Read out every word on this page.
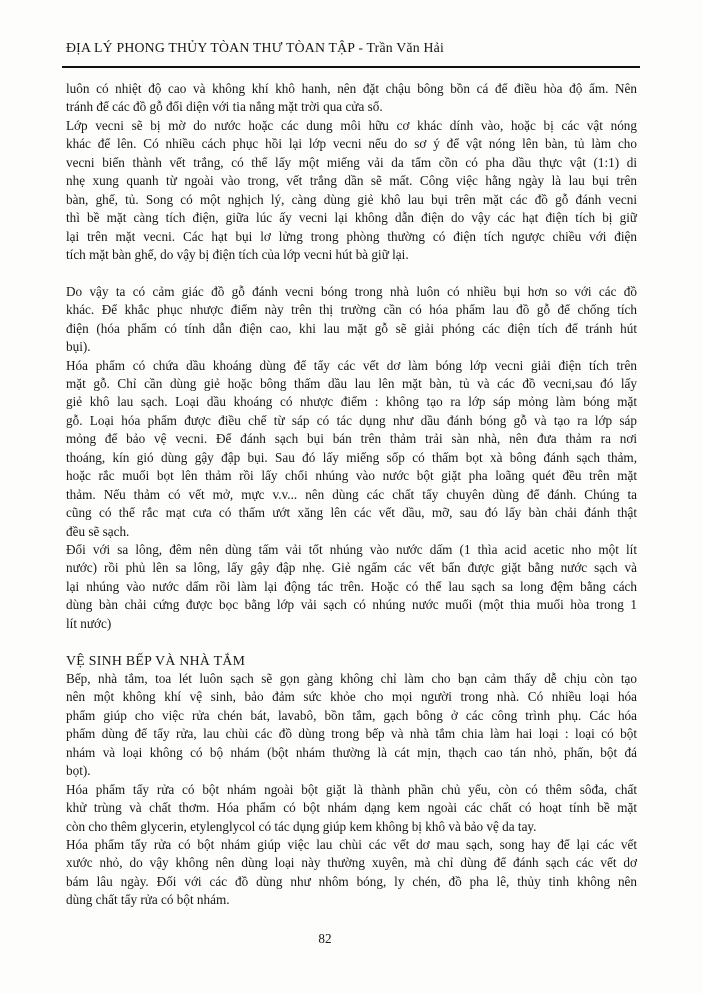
ĐỊA LÝ PHONG THỦY TÒAN THƯ TÒAN TẬP - Trần Văn Hải
luôn có nhiệt độ cao và không khí khô hanh, nên đặt chậu bông bồn cá để điều hòa độ ẩm. Nên
tránh để các đồ gỗ đối diện với tia nắng mặt trời qua cửa sổ.
Lớp vecni sẽ bị mờ do nước hoặc các dung môi hữu cơ khác dính vào, hoặc bị các vật nóng
khác để lên. Có nhiều cách phục hồi lại lớp vecni nếu do sơ ý để vật nóng lên bàn, tủ làm cho
vecni biến thành vết trắng, có thể lấy một miếng vải da tẩm cồn có pha dầu thực vật (1:1) di
nhẹ xung quanh từ ngoài vào trong, vết trắng dần sẽ mất. Công việc hằng ngày là lau bụi trên
bàn, ghế, tủ. Song có một nghịch lý, càng dùng giẻ khô lau bụi trên mặt các đồ gỗ đánh vecni
thì bề mặt càng tích điện, giữa lúc ấy vecni lại không dẫn điện do vậy các hạt điện tích bị giữ
lại trên mặt vecni. Các hạt bụi lơ lửng trong phòng thường có điện tích ngược chiều với điện
tích mặt bàn ghế, do vậy bị điện tích của lớp vecni hút bà giữ lại.
Do vậy ta có cảm giác đồ gỗ đánh vecni bóng trong nhà luôn có nhiều bụi hơn so với các đồ
khác. Để khắc phục nhược điểm này trên thị trường cần có hóa phẩm lau đồ gỗ để chống tích
điện (hóa phẩm có tính dẫn điện cao, khi lau mặt gỗ sẽ giải phóng các điện tích để tránh hút
bụi).
Hóa phẩm có chứa dầu khoáng dùng để tẩy các vết dơ làm bóng lớp vecni giải điện tích trên
mặt gỗ. Chỉ cần dùng giẻ hoặc bông thấm dầu lau lên mặt bàn, tủ và các đồ vecni,sau đó lấy
giẻ khô lau sạch. Loại dầu khoáng có nhược điểm : không tạo ra lớp sáp mỏng làm bóng mặt
gỗ. Loại hóa phẩm được điều chế từ sáp có tác dụng như dầu đánh bóng gỗ và tạo ra lớp sáp
mỏng để bảo vệ vecni. Để đánh sạch bụi bán trên thảm trải sàn nhà, nên đưa thảm ra nơi
thoáng, kín gió dùng gậy đập bụi. Sau đó lấy miếng sốp có thấm bọt xà bông đánh sạch thảm,
hoặc rắc muối bọt lên thảm rồi lấy chổi nhúng vào nước bột giặt pha loãng quét đều trên mặt
thảm. Nếu thảm có vết mở, mực v.v... nên dùng các chất tẩy chuyên dùng để đánh. Chúng ta
cũng có thể rắc mạt cưa có thấm ướt xăng lên các vết dầu, mỡ, sau đó lấy bàn chải đánh thật
đều sẽ sạch.
Đối với sa lông, đêm nên dùng tấm vải tốt nhúng vào nước dấm (1 thìa acid acetic nho một lít
nước) rồi phủ lên sa lông, lấy gậy đập nhẹ. Giẻ ngấm các vết bẩn được giặt bằng nước sạch và
lại nhúng vào nước dấm rồi làm lại động tác trên. Hoặc có thể lau sạch sa long đệm bằng cách
dùng bàn chải cứng được bọc bằng lớp vải sạch có nhúng nước muối (một thia muối hòa trong 1
lít nước)
VỆ SINH BẾP VÀ NHÀ TẮM
Bếp, nhà tắm, toa lét luôn sạch sẽ gọn gàng không chỉ làm cho bạn cảm thấy dễ chịu còn tạo
nên một không khí vệ sinh, bảo đảm sức khỏe cho mọi người trong nhà. Có nhiều loại hóa
phẩm giúp cho việc rửa chén bát, lavabô, bồn tắm, gạch bông ở các công trình phụ. Các hóa
phẩm dùng để tẩy rửa, lau chùi các đồ dùng trong bếp và nhà tắm chia làm hai loại : loại có bột
nhám và loại không có bộ nhám (bột nhám thường là cát mịn, thạch cao tán nhỏ, phấn, bột đá
bọt).
Hóa phẩm tẩy rửa có bột nhám ngoài bột giặt là thành phần chủ yếu, còn có thêm sôđa, chất
khử trùng và chất thơm. Hóa phẩm có bột nhám dạng kem ngoài các chất có hoạt tính bề mặt
còn cho thêm glycerin, etylenglycol có tác dụng giúp kem không bị khô và bảo vệ da tay.
Hóa phẩm tẩy rửa có bột nhám giúp việc lau chùi các vết dơ mau sạch, song hay để lại các vết
xước nhỏ, do vậy không nên dùng loại này thường xuyên, mà chỉ dùng để đánh sạch các vết dơ
bám lâu ngày. Đối với các đồ dùng như nhôm bóng, ly chén, đồ pha lê, thủy tinh không nên
dùng chất tẩy rửa có bột nhám.
82
